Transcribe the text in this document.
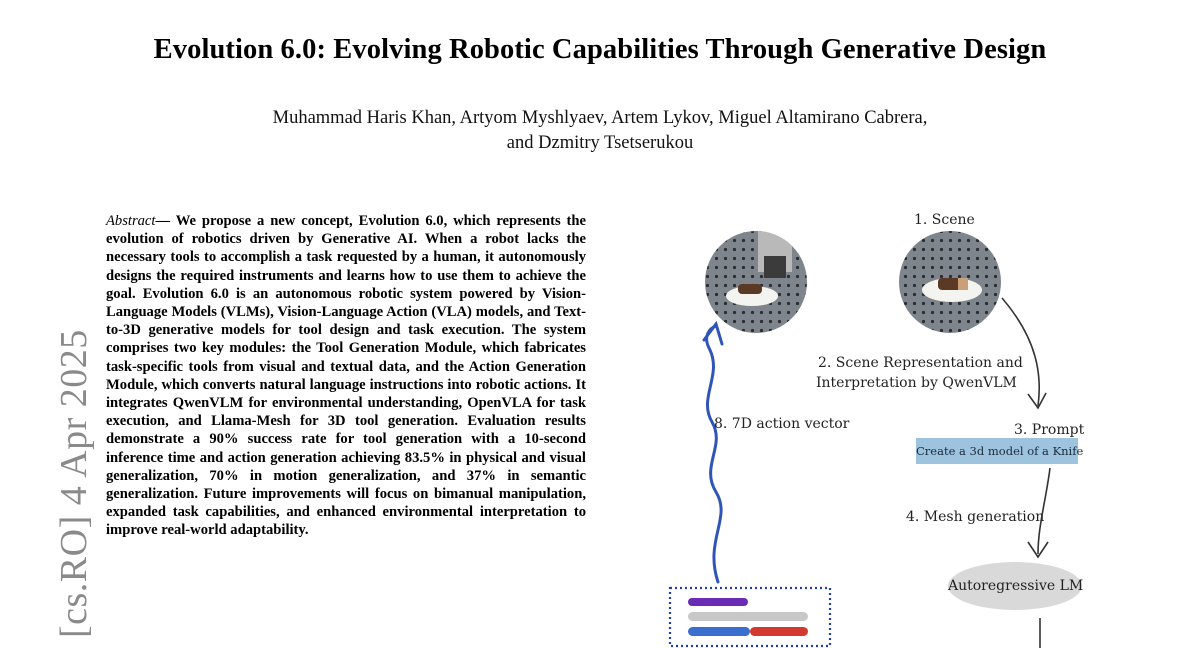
Evolution 6.0: Evolving Robotic Capabilities Through Generative Design
Muhammad Haris Khan, Artyom Myshlyaev, Artem Lykov, Miguel Altamirano Cabrera,
and Dzmitry Tsetserukou
[cs.RO] 4 Apr 2025
Abstract— We propose a new concept, Evolution 6.0, which represents the evolution of robotics driven by Generative AI. When a robot lacks the necessary tools to accomplish a task requested by a human, it autonomously designs the required instruments and learns how to use them to achieve the goal. Evolution 6.0 is an autonomous robotic system powered by Vision-Language Models (VLMs), Vision-Language Action (VLA) models, and Text-to-3D generative models for tool design and task execution. The system comprises two key modules: the Tool Generation Module, which fabricates task-specific tools from visual and textual data, and the Action Generation Module, which converts natural language instructions into robotic actions. It integrates QwenVLM for environmental understanding, OpenVLA for task execution, and Llama-Mesh for 3D tool generation. Evaluation results demonstrate a 90% success rate for tool generation with a 10-second inference time and action generation achieving 83.5% in physical and visual generalization, 70% in motion generalization, and 37% in semantic generalization. Future improvements will focus on bimanual manipulation, expanded task capabilities, and enhanced environmental interpretation to improve real-world adaptability.
1. Scene
2. Scene Representation and
Interpretation by QwenVLM
3. Prompt
Create a 3d model of a Knife
4. Mesh generation
Autoregressive LM
8. 7D action vector
